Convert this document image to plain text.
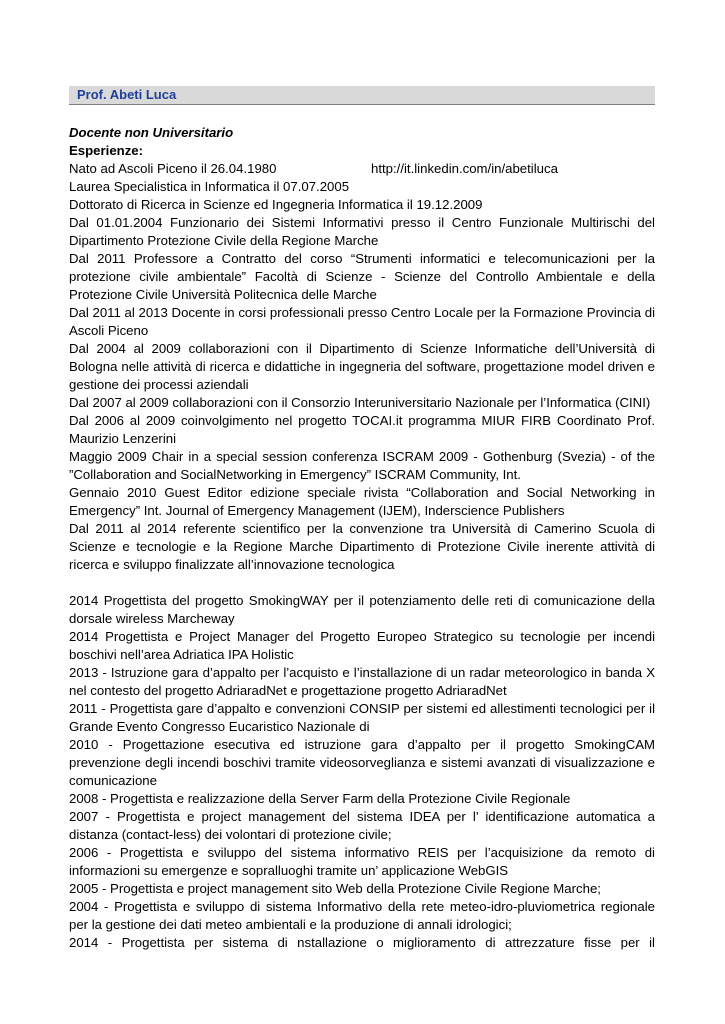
Prof. Abeti Luca
Docente non Universitario
Esperienze:
Nato ad Ascoli Piceno il 26.04.1980	http://it.linkedin.com/in/abetiluca
Laurea Specialistica in Informatica il 07.07.2005
Dottorato di Ricerca in Scienze ed Ingegneria Informatica il 19.12.2009
Dal 01.01.2004 Funzionario dei Sistemi Informativi presso il Centro Funzionale Multirischi del Dipartimento Protezione Civile della Regione Marche
Dal 2011 Professore a Contratto del corso “Strumenti informatici e telecomunicazioni per la protezione civile ambientale” Facoltà di Scienze - Scienze del Controllo Ambientale e della Protezione Civile Università Politecnica delle Marche
Dal 2011 al 2013 Docente in corsi professionali presso Centro Locale per la Formazione Provincia di Ascoli Piceno
Dal 2004 al 2009 collaborazioni con il Dipartimento di Scienze Informatiche dell’Università di Bologna nelle attività di ricerca e didattiche in ingegneria del software, progettazione model driven e gestione dei processi aziendali
Dal 2007 al 2009 collaborazioni con il Consorzio Interuniversitario Nazionale per l’Informatica (CINI)
Dal 2006 al 2009 coinvolgimento nel progetto TOCAI.it programma MIUR FIRB Coordinato Prof. Maurizio Lenzerini
Maggio 2009 Chair in a special session conferenza ISCRAM 2009 - Gothenburg (Svezia) - of the ”Collaboration and SocialNetworking in Emergency” ISCRAM Community, Int.
Gennaio 2010 Guest Editor edizione speciale rivista “Collaboration and Social Networking in Emergency” Int. Journal of Emergency Management (IJEM), Inderscience Publishers
Dal 2011 al 2014 referente scientifico per la convenzione tra Università di Camerino Scuola di Scienze e tecnologie e la Regione Marche Dipartimento di Protezione Civile inerente attività di ricerca e sviluppo finalizzate all’innovazione tecnologica
2014 Progettista del progetto SmokingWAY per il potenziamento delle reti di comunicazione della dorsale wireless Marcheway
2014 Progettista e Project Manager del Progetto Europeo Strategico su tecnologie per incendi boschivi nell’area Adriatica IPA Holistic
2013 - Istruzione gara d’appalto per l’acquisto e l’installazione di un radar meteorologico in banda X nel contesto del progetto AdriaradNet e progettazione progetto AdriaradNet
2011 - Progettista gare d’appalto e convenzioni CONSIP per sistemi ed allestimenti tecnologici per il Grande Evento Congresso Eucaristico Nazionale di
2010 - Progettazione esecutiva ed istruzione gara d’appalto per il progetto SmokingCAM prevenzione degli incendi boschivi tramite videosorveglianza e sistemi avanzati di visualizzazione e comunicazione
2008 - Progettista e realizzazione della Server Farm della Protezione Civile Regionale
2007 - Progettista e project management del sistema IDEA per l’ identificazione automatica a distanza (contact-less) dei volontari di protezione civile;
2006 - Progettista e sviluppo del sistema informativo REIS per l’acquisizione da remoto di informazioni su emergenze e sopralluoghi tramite un’ applicazione WebGIS
2005 - Progettista e project management sito Web della Protezione Civile Regione Marche;
2004 - Progettista e sviluppo di sistema Informativo della rete meteo-idro-pluviometrica regionale per la gestione dei dati meteo ambientali e la produzione di annali idrologici;
2014 - Progettista per sistema di nstallazione o miglioramento di attrezzature fisse per il
